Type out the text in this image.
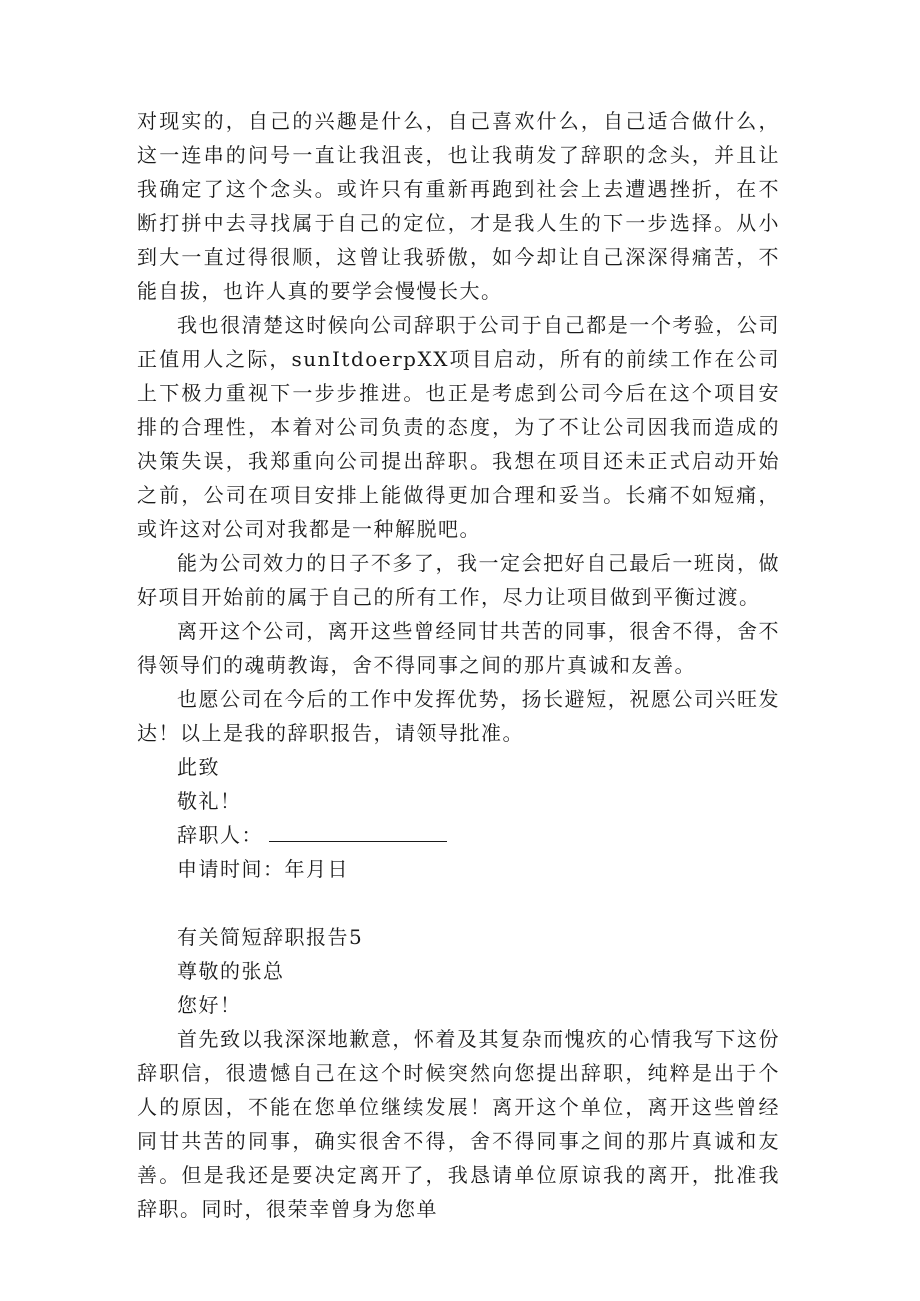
对现实的，自己的兴趣是什么，自己喜欢什么，自己适合做什么，这一连串的问号一直让我沮丧，也让我萌发了辞职的念头，并且让我确定了这个念头。或许只有重新再跑到社会上去遭遇挫折，在不断打拼中去寻找属于自己的定位，才是我人生的下一步选择。从小到大一直过得很顺，这曾让我骄傲，如今却让自己深深得痛苦，不能自拔，也许人真的要学会慢慢长大。

我也很清楚这时候向公司辞职于公司于自己都是一个考验，公司正值用人之际，sunItdoerpXX项目启动，所有的前续工作在公司上下极力重视下一步步推进。也正是考虑到公司今后在这个项目安排的合理性，本着对公司负责的态度，为了不让公司因我而造成的决策失误，我郑重向公司提出辞职。我想在项目还未正式启动开始之前，公司在项目安排上能做得更加合理和妥当。长痛不如短痛，或许这对公司对我都是一种解脱吧。

能为公司效力的日子不多了，我一定会把好自己最后一班岗，做好项目开始前的属于自己的所有工作，尽力让项目做到平衡过渡。

离开这个公司，离开这些曾经同甘共苦的同事，很舍不得，舍不得领导们的魂萌教诲，舍不得同事之间的那片真诚和友善。

也愿公司在今后的工作中发挥优势，扬长避短，祝愿公司兴旺发达！以上是我的辞职报告，请领导批准。

此致

敬礼！

辞职人：

申请时间：年月日

有关简短辞职报告5

尊敬的张总

您好！

首先致以我深深地歉意，怀着及其复杂而愧疚的心情我写下这份辞职信，很遗憾自己在这个时候突然向您提出辞职，纯粹是出于个人的原因，不能在您单位继续发展！离开这个单位，离开这些曾经同甘共苦的同事，确实很舍不得，舍不得同事之间的那片真诚和友善。但是我还是要决定离开了，我恳请单位原谅我的离开，批准我辞职。同时，很荣幸曾身为您单
